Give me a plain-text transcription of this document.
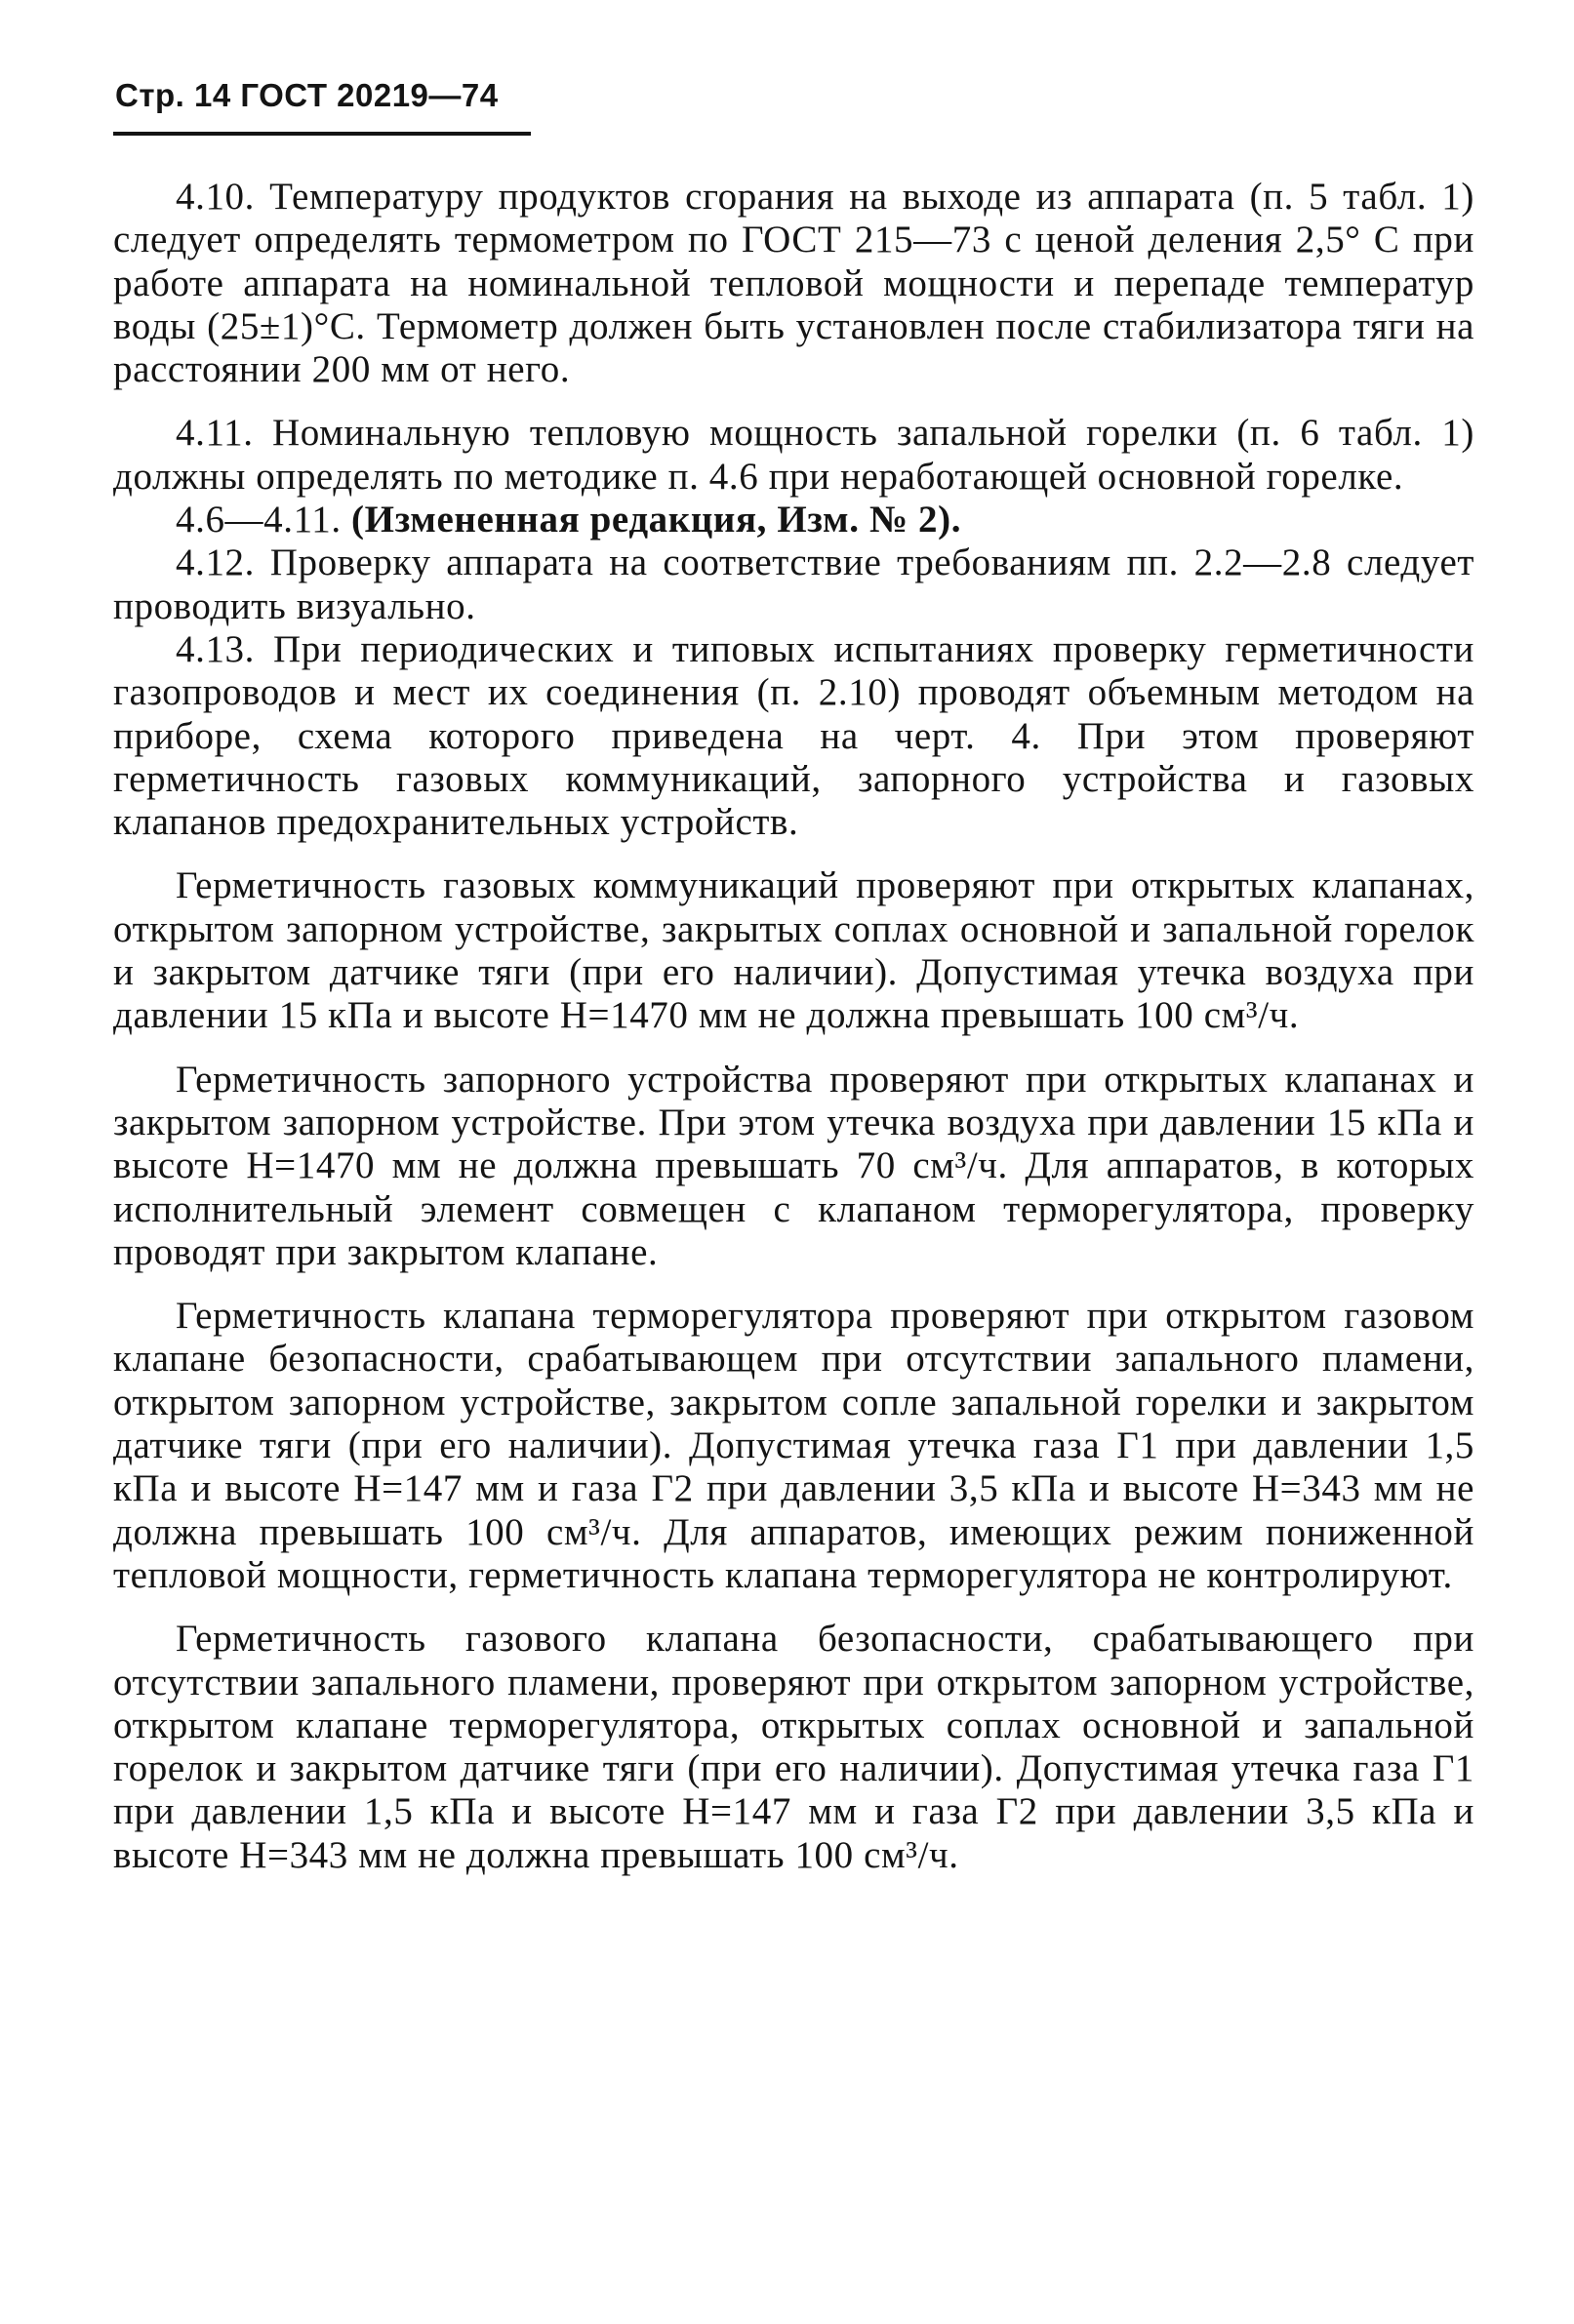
Стр. 14 ГОСТ 20219—74

4.10. Температуру продуктов сгорания на выходе из аппарата (п. 5 табл. 1) следует определять термометром по ГОСТ 215—73 с ценой деления 2,5° С при работе аппарата на номинальной тепловой мощности и перепаде температур воды (25±1)°С. Термометр должен быть установлен после стабилизатора тяги на расстоянии 200 мм от него.

4.11. Номинальную тепловую мощность запальной горелки (п. 6 табл. 1) должны определять по методике п. 4.6 при неработающей основной горелке.

4.6—4.11. (Измененная редакция, Изм. № 2).

4.12. Проверку аппарата на соответствие требованиям пп. 2.2—2.8 следует проводить визуально.

4.13. При периодических и типовых испытаниях проверку герметичности газопроводов и мест их соединения (п. 2.10) проводят объемным методом на приборе, схема которого приведена на черт. 4. При этом проверяют герметичность газовых коммуникаций, запорного устройства и газовых клапанов предохранительных устройств.

Герметичность газовых коммуникаций проверяют при открытых клапанах, открытом запорном устройстве, закрытых соплах основной и запальной горелок и закрытом датчике тяги (при его наличии). Допустимая утечка воздуха при давлении 15 кПа и высоте H=1470 мм не должна превышать 100 см³/ч.

Герметичность запорного устройства проверяют при открытых клапанах и закрытом запорном устройстве. При этом утечка воздуха при давлении 15 кПа и высоте H=1470 мм не должна превышать 70 см³/ч. Для аппаратов, в которых исполнительный элемент совмещен с клапаном терморегулятора, проверку проводят при закрытом клапане.

Герметичность клапана терморегулятора проверяют при открытом газовом клапане безопасности, срабатывающем при отсутствии запального пламени, открытом запорном устройстве, закрытом сопле запальной горелки и закрытом датчике тяги (при его наличии). Допустимая утечка газа Г1 при давлении 1,5 кПа и высоте H=147 мм и газа Г2 при давлении 3,5 кПа и высоте H=343 мм не должна превышать 100 см³/ч. Для аппаратов, имеющих режим пониженной тепловой мощности, герметичность клапана терморегулятора не контролируют.

Герметичность газового клапана безопасности, срабатывающего при отсутствии запального пламени, проверяют при открытом запорном устройстве, открытом клапане терморегулятора, открытых соплах основной и запальной горелок и закрытом датчике тяги (при его наличии). Допустимая утечка газа Г1 при давлении 1,5 кПа и высоте H=147 мм и газа Г2 при давлении 3,5 кПа и высоте H=343 мм не должна превышать 100 см³/ч.
